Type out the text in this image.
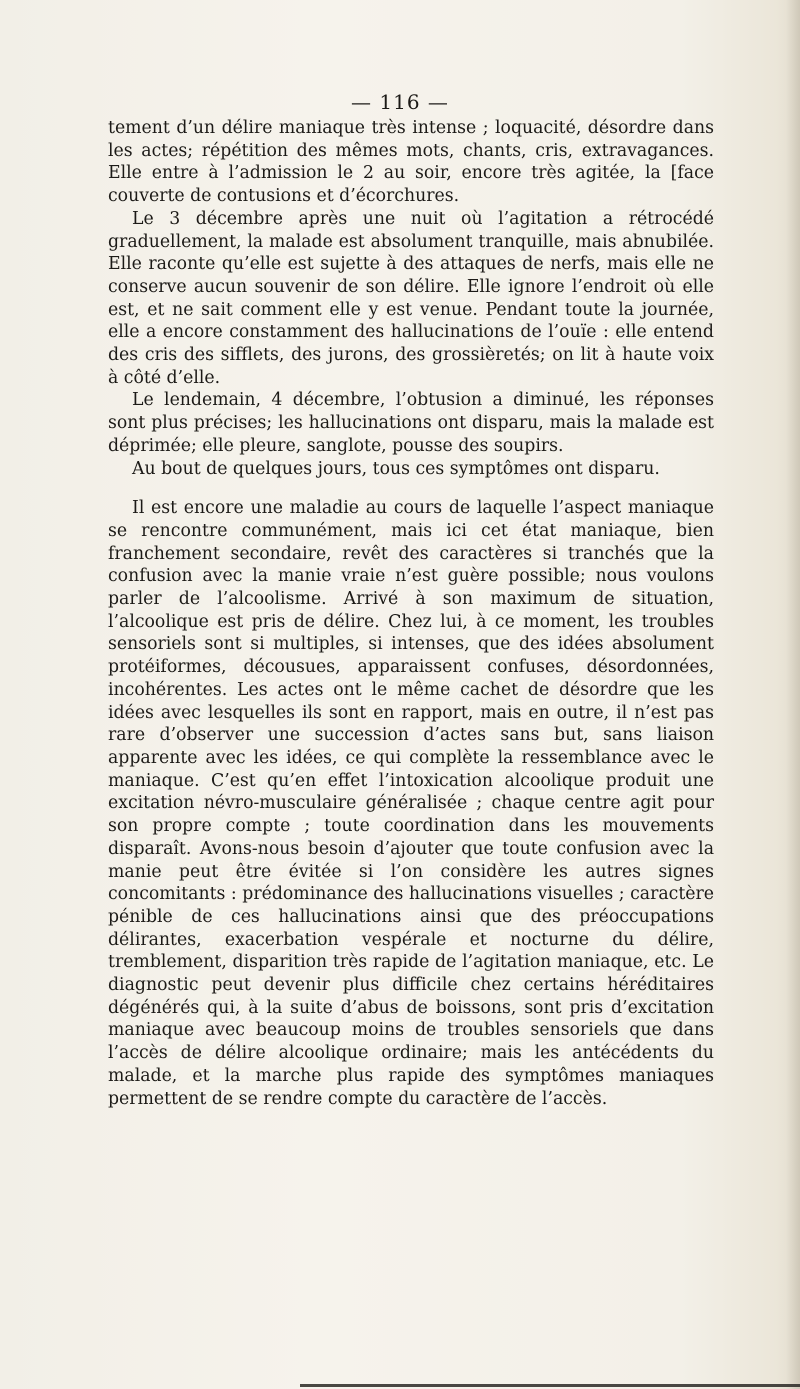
— 116 —

tement d’un délire maniaque très intense ; loquacité, désordre dans les actes; répétition des mêmes mots, chants, cris, extravagances. Elle entre à l’admission le 2 au soir, encore très agitée, la [face couverte de contusions et d’écorchures.

Le 3 décembre après une nuit où l’agitation a rétrocédé graduellement, la malade est absolument tranquille, mais abnubilée. Elle raconte qu’elle est sujette à des attaques de nerfs, mais elle ne conserve aucun souvenir de son délire. Elle ignore l’endroit où elle est, et ne sait comment elle y est venue. Pendant toute la journée, elle a encore constamment des hallucinations de l’ouïe : elle entend des cris des sifflets, des jurons, des grossièretés; on lit à haute voix à côté d’elle.

Le lendemain, 4 décembre, l’obtusion a diminué, les réponses sont plus précises; les hallucinations ont disparu, mais la malade est déprimée; elle pleure, sanglote, pousse des soupirs.

Au bout de quelques jours, tous ces symptômes ont disparu.

Il est encore une maladie au cours de laquelle l’aspect maniaque se rencontre communément, mais ici cet état maniaque, bien franchement secondaire, revêt des caractères si tranchés que la confusion avec la manie vraie n’est guère possible; nous voulons parler de l’alcoolisme. Arrivé à son maximum de situation, l’alcoolique est pris de délire. Chez lui, à ce moment, les troubles sensoriels sont si multiples, si intenses, que des idées absolument protéiformes, décousues, apparaissent confuses, désordonnées, incohérentes. Les actes ont le même cachet de désordre que les idées avec lesquelles ils sont en rapport, mais en outre, il n’est pas rare d’observer une succession d’actes sans but, sans liaison apparente avec les idées, ce qui complète la ressemblance avec le maniaque. C’est qu’en effet l’intoxication alcoolique produit une excitation névro-musculaire généralisée ; chaque centre agit pour son propre compte ; toute coordination dans les mouvements disparaît. Avons-nous besoin d’ajouter que toute confusion avec la manie peut être évitée si l’on considère les autres signes concomitants : prédominance des hallucinations visuelles ; caractère pénible de ces hallucinations ainsi que des préoccupations délirantes, exacerbation vespérale et nocturne du délire, tremblement, disparition très rapide de l’agitation maniaque, etc. Le diagnostic peut devenir plus difficile chez certains héréditaires dégénérés qui, à la suite d’abus de boissons, sont pris d’excitation maniaque avec beaucoup moins de troubles sensoriels que dans l’accès de délire alcoolique ordinaire; mais les antécédents du malade, et la marche plus rapide des symptômes maniaques permettent de se rendre compte du caractère de l’accès.
